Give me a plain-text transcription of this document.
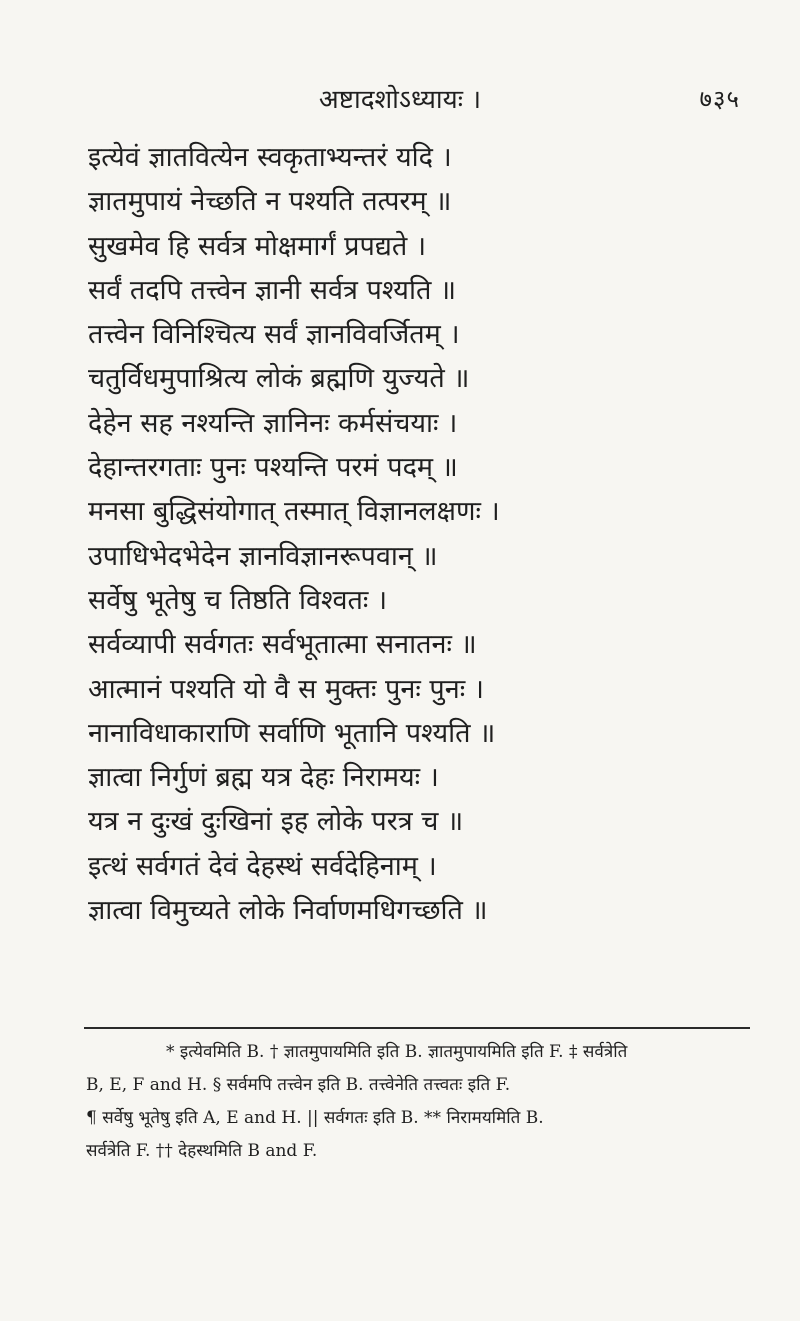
अष्टादशोऽध्यायः ।	७३५
इत्येवं ज्ञातवित्येन स्वकृताभ्यन्तरं यदि ।
ज्ञातमुपायं नेच्छति न पश्यति तत्परम् ॥
सुखमेव हि सर्वत्र मोक्षमार्गं प्रपद्यते ।
सर्वं तदपि तत्त्वेन ज्ञानी सर्वत्र पश्यति ॥
तत्त्वेन विनिश्चित्य सर्वं ज्ञानविवर्जितम् ।
चतुर्विधमुपाश्रित्य लोकं ब्रह्मणि युज्यते ॥
देहेन सह नश्यन्ति ज्ञानिनः कर्मसंचयाः ।
देहान्तरगताः पुनः पश्यन्ति परमं पदम् ॥
मनसा बुद्धिसंयोगात् तस्मात् विज्ञानलक्षणः ।
उपाधिभेदभेदेन ज्ञानविज्ञानरूपवान् ॥
सर्वेषु भूतेषु च तिष्ठति विश्वतः ।
सर्वव्यापी सर्वगतः सर्वभूतात्मा सनातनः ॥
आत्मानं पश्यति यो वै स मुक्तः पुनः पुनः ।
नानाविधाकाराणि सर्वाणि भूतानि पश्यति ॥
ज्ञात्वा निर्गुणं ब्रह्म यत्र देहः निरामयः ।
यत्र न दुःखं दुःखिनां इह लोके परत्र च ॥
इत्थं सर्वगतं देवं देहस्थं सर्वदेहिनाम् ।
ज्ञात्वा विमुच्यते लोके निर्वाणमधिगच्छति ॥
* इत्येवमिति B. † ज्ञातमुपायमिति इति B. ज्ञातमुपायमिति इति F. ‡ सर्वत्रेति
B, E, F and H. § सर्वमपि तत्त्वेन इति B. तत्त्वेनेति तत्त्वतः इति F.
¶ सर्वेषु भूतेषु इति A, E and H. || सर्वगतः इति B. ** निरामयमिति B.
सर्वत्रेति F. †† देहस्थमिति B and F.
